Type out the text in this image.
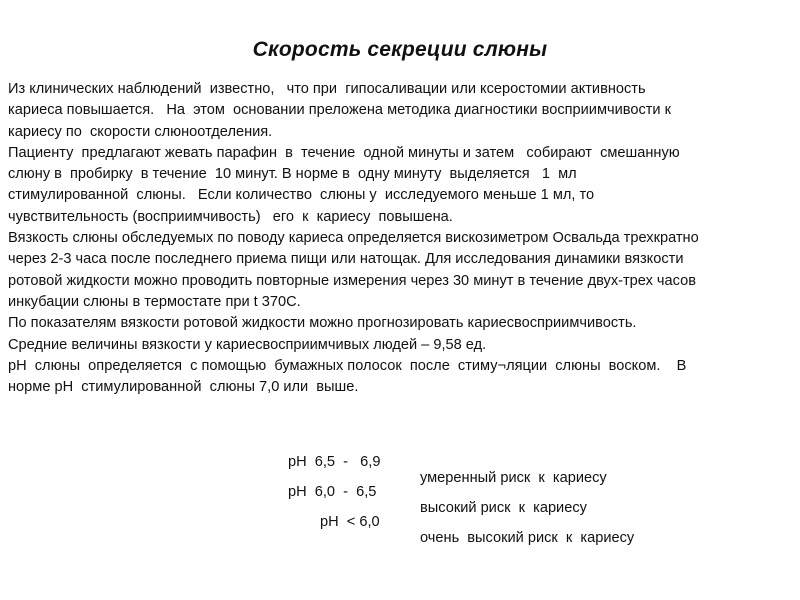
Скорость секреции слюны
Из клинических наблюдений  известно,   что при  гипосаливации или ксеростомии активность
кариеса повышается.   На  этом  основании преложена методика диагностики восприимчивости к
кариесу по  скорости слюноотделения.
Пациенту  предлагают жевать парафин  в  течение  одной минуты и затем   собирают  смешанную
слюну в  пробирку  в течение  10 минут. В норме в  одну минуту  выделяется   1  мл
стимулированной  слюны.   Если количество  слюны у  исследуемого меньше 1 мл, то
чувствительность (восприимчивость)   его  к  кариесу  повышена.
Вязкость слюны обследуемых по поводу кариеса определяется вискозиметром Освальда трехкратно
через 2-3 часа после последнего приема пищи или натощак. Для исследования динамики вязкости
ротовой жидкости можно проводить повторные измерения через 30 минут в течение двух-трех часов
инкубации слюны в термостате при t 370С.
По показателям вязкости ротовой жидкости можно прогнозировать кариесвосприимчивость.
Средние величины вязкости у кариесвосприимчивых людей – 9,58 ед.
рН  слюны  определяется  с помощью  бумажных полосок  после  стиму¬ляции  слюны  воском.    В
норме рН  стимулированной  слюны 7,0 или  выше.

рН  6,5  -   6,9

умеренный риск  к  кариесу

рН  6,0  -  6,5

высокий риск  к  кариесу

рН  < 6,0

очень  высокий риск  к  кариесу
